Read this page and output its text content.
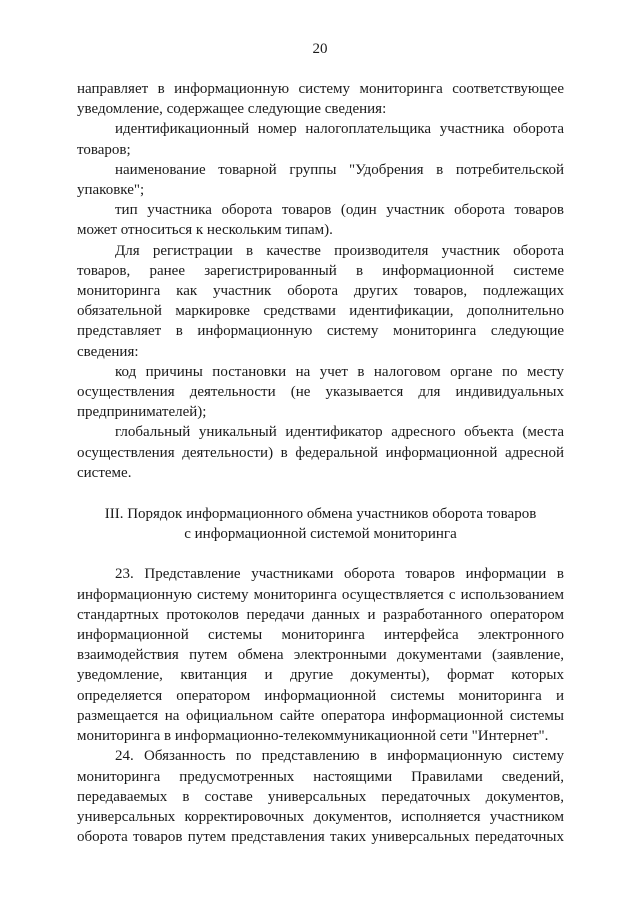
20

направляет в информационную систему мониторинга соответствующее уведомление, содержащее следующие сведения:

идентификационный номер налогоплательщика участника оборота товаров;

наименование товарной группы "Удобрения в потребительской упаковке";

тип участника оборота товаров (один участник оборота товаров может относиться к нескольким типам).

Для регистрации в качестве производителя участник оборота товаров, ранее зарегистрированный в информационной системе мониторинга как участник оборота других товаров, подлежащих обязательной маркировке средствами идентификации, дополнительно представляет в информационную систему мониторинга следующие сведения:

код причины постановки на учет в налоговом органе по месту осуществления деятельности (не указывается для индивидуальных предпринимателей);

глобальный уникальный идентификатор адресного объекта (места осуществления деятельности) в федеральной информационной адресной системе.

III. Порядок информационного обмена участников оборота товаров
с информационной системой мониторинга

23. Представление участниками оборота товаров информации в информационную систему мониторинга осуществляется с использованием стандартных протоколов передачи данных и разработанного оператором информационной системы мониторинга интерфейса электронного взаимодействия путем обмена электронными документами (заявление, уведомление, квитанция и другие документы), формат которых определяется оператором информационной системы мониторинга и размещается на официальном сайте оператора информационной системы мониторинга в информационно-телекоммуникационной сети "Интернет".

24. Обязанность по представлению в информационную систему мониторинга предусмотренных настоящими Правилами сведений, передаваемых в составе универсальных передаточных документов, универсальных корректировочных документов, исполняется участником оборота товаров путем представления таких универсальных передаточных
